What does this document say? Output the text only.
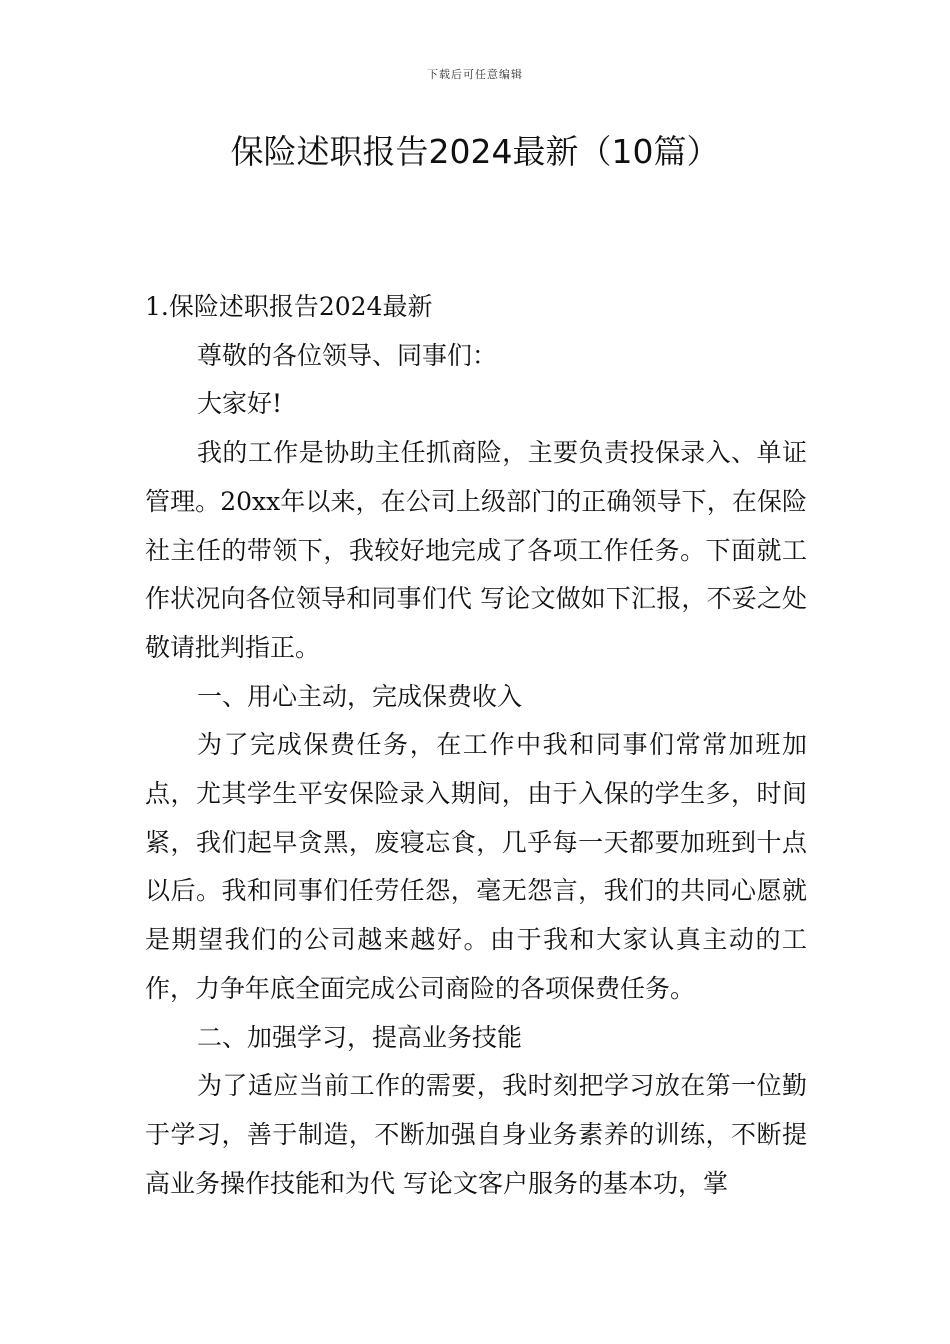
下载后可任意编辑
保险述职报告2024最新（10篇）

1.保险述职报告2024最新

尊敬的各位领导、同事们：

大家好!

我的工作是协助主任抓商险，主要负责投保录入、单证管理。20xx年以来，在公司上级部门的正确领导下，在保险社主任的带领下，我较好地完成了各项工作任务。下面就工作状况向各位领导和同事们代 写论文做如下汇报，不妥之处敬请批判指正。

一、用心主动，完成保费收入

为了完成保费任务，在工作中我和同事们常常加班加点，尤其学生平安保险录入期间，由于入保的学生多，时间紧，我们起早贪黑，废寝忘食，几乎每一天都要加班到十点以后。我和同事们任劳任怨，毫无怨言，我们的共同心愿就是期望我们的公司越来越好。由于我和大家认真主动的工作，力争年底全面完成公司商险的各项保费任务。

二、加强学习，提高业务技能

为了适应当前工作的需要，我时刻把学习放在第一位勤于学习，善于制造，不断加强自身业务素养的训练，不断提高业务操作技能和为代 写论文客户服务的基本功，掌
